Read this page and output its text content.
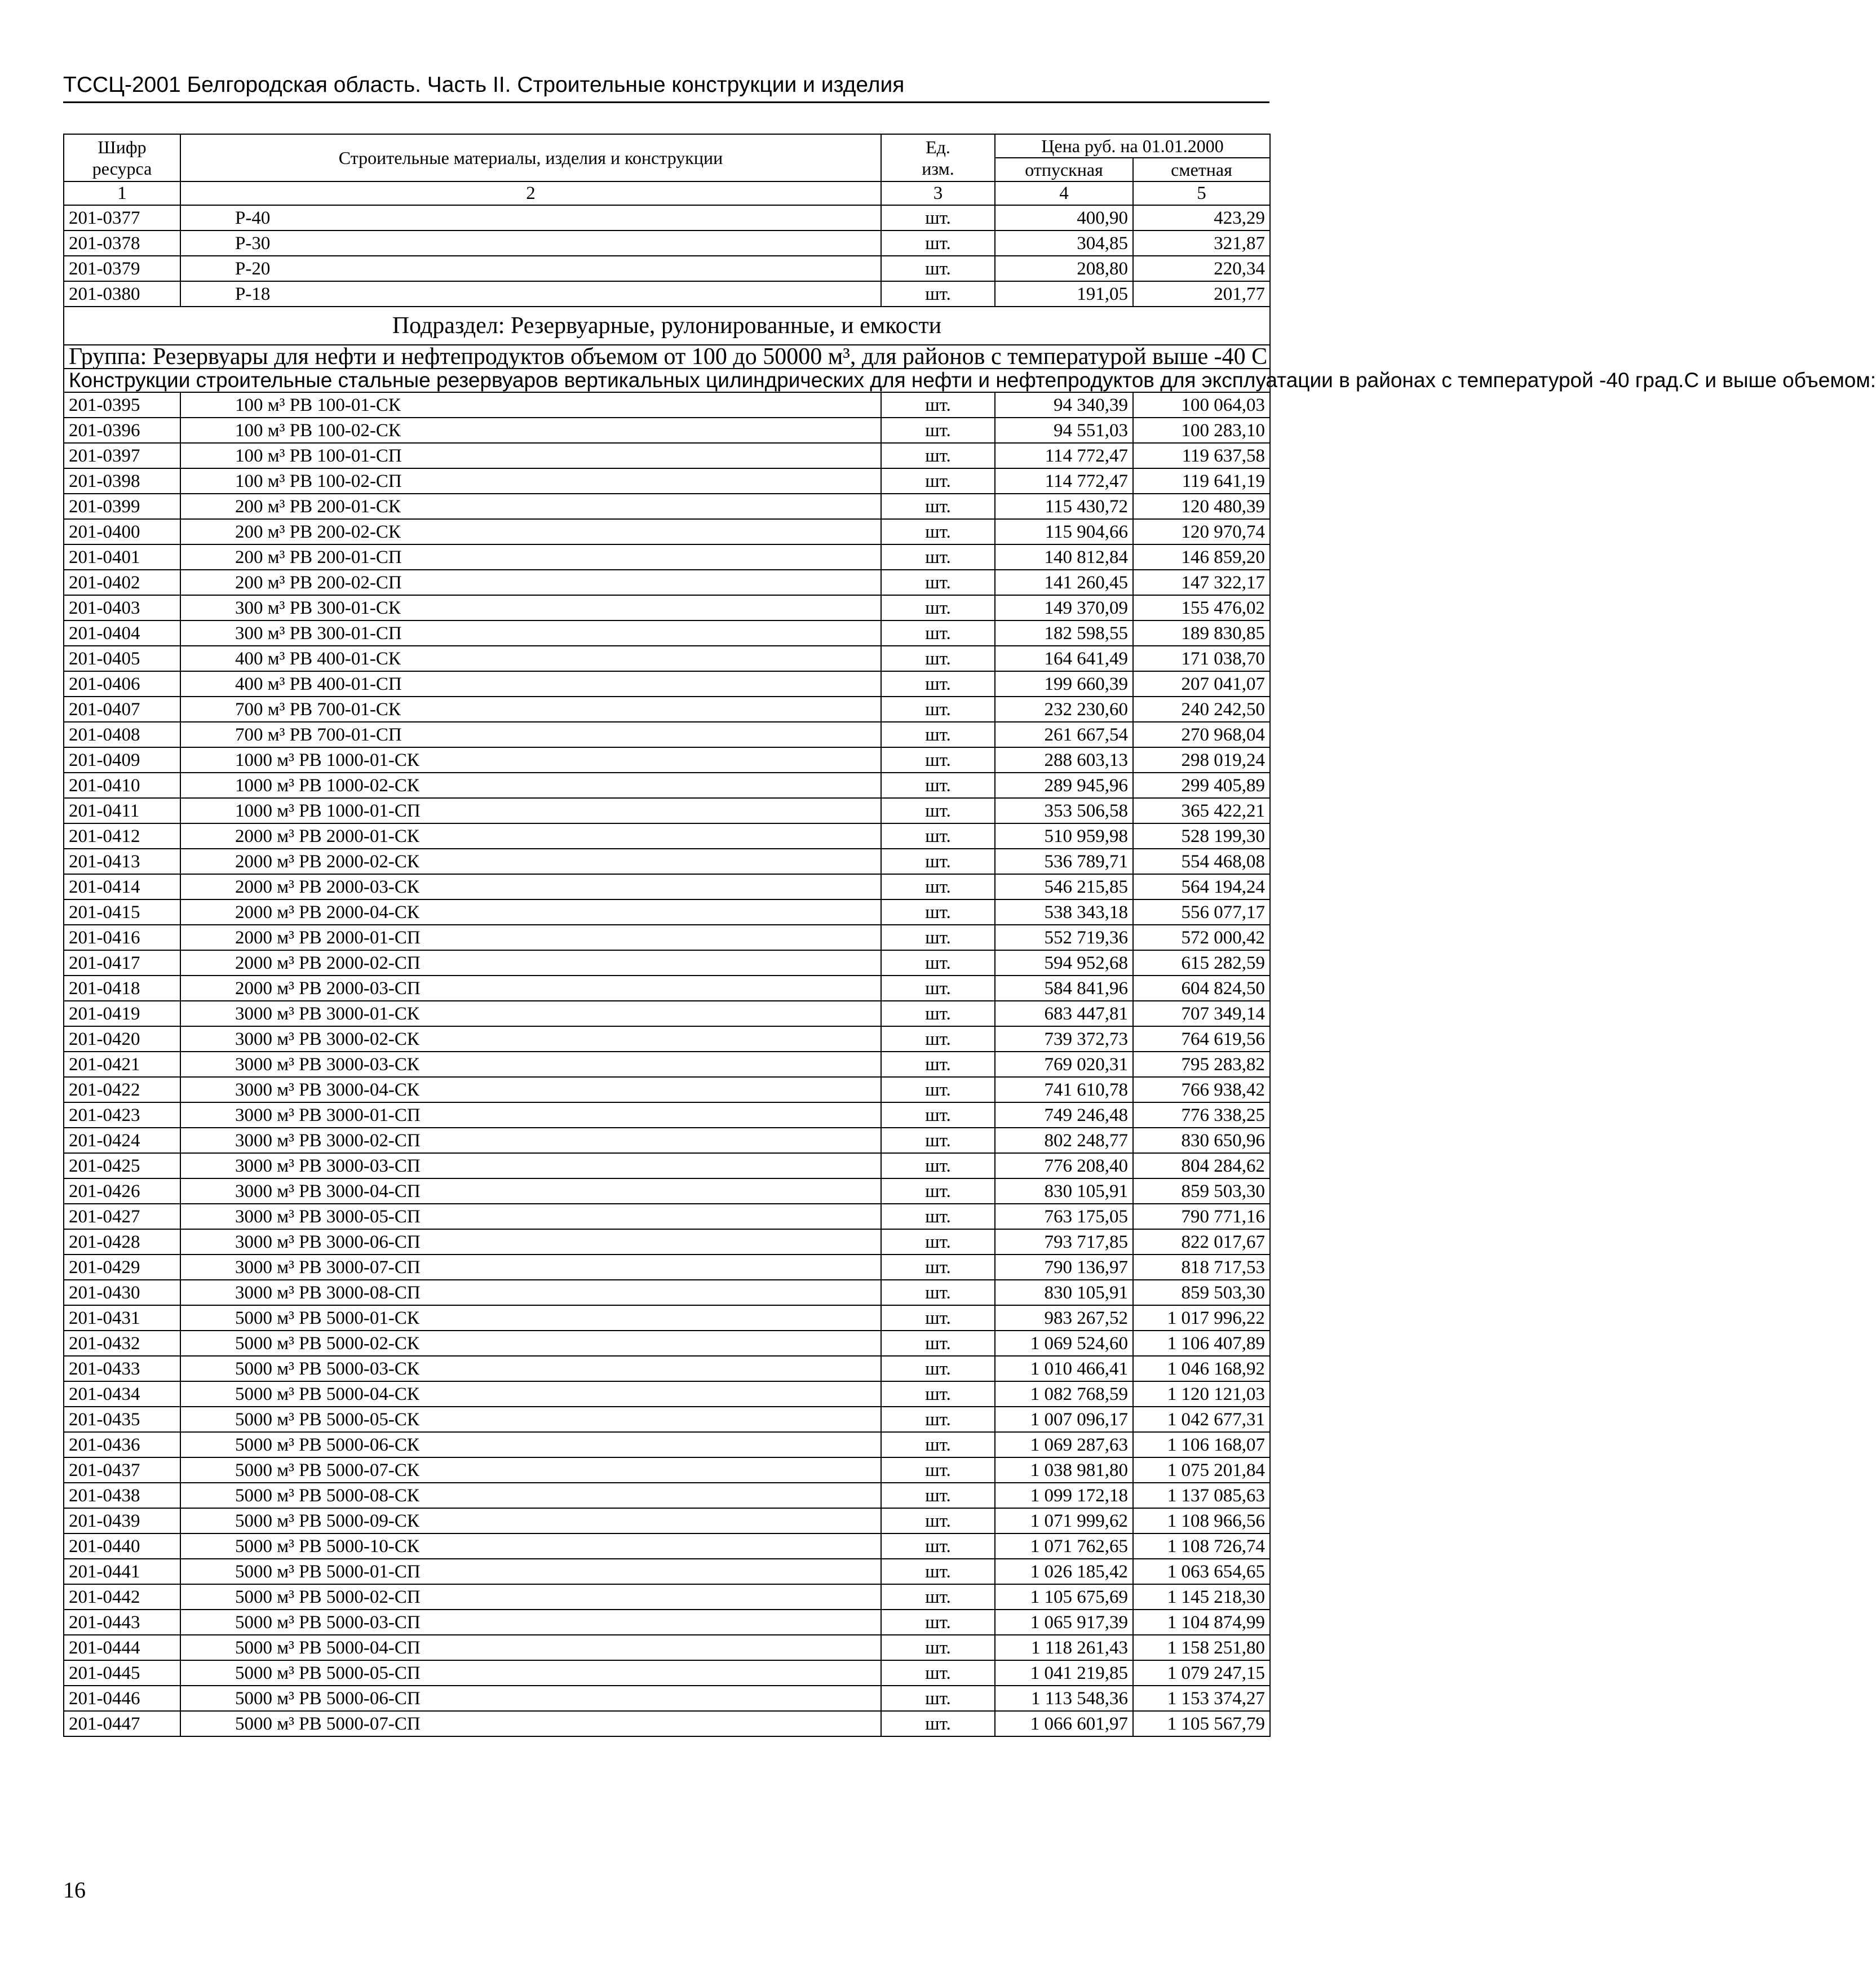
ТССЦ-2001 Белгородская область. Часть II. Строительные конструкции и изделия
Шифр ресурса	Строительные материалы, изделия и конструкции	Ед. изм.	Цена руб. на 01.01.2000	
			отпускная	сметная
1	2	3	4	5
201-0377	Р-40	шт.	400,90	423,29
201-0378	Р-30	шт.	304,85	321,87
201-0379	Р-20	шт.	208,80	220,34
201-0380	Р-18	шт.	191,05	201,77
Подраздел: Резервуарные, рулонированные, и емкости				
Группа: Резервуары для нефти и нефтепродуктов объемом от 100 до 50000 м³, для районов с температурой выше -40 С				
Конструкции строительные стальные резервуаров вертикальных цилиндрических для нефти и нефтепродуктов для эксплуатации в районах с температурой -40 град.С и выше объемом:				
201-0395	100 м³ РВ 100-01-СК	шт.	94 340,39	100 064,03
201-0396	100 м³ РВ 100-02-СК	шт.	94 551,03	100 283,10
201-0397	100 м³ РВ 100-01-СП	шт.	114 772,47	119 637,58
201-0398	100 м³ РВ 100-02-СП	шт.	114 772,47	119 641,19
201-0399	200 м³ РВ 200-01-СК	шт.	115 430,72	120 480,39
201-0400	200 м³ РВ 200-02-СК	шт.	115 904,66	120 970,74
201-0401	200 м³ РВ 200-01-СП	шт.	140 812,84	146 859,20
201-0402	200 м³ РВ 200-02-СП	шт.	141 260,45	147 322,17
201-0403	300 м³ РВ 300-01-СК	шт.	149 370,09	155 476,02
201-0404	300 м³ РВ 300-01-СП	шт.	182 598,55	189 830,85
201-0405	400 м³ РВ 400-01-СК	шт.	164 641,49	171 038,70
201-0406	400 м³ РВ 400-01-СП	шт.	199 660,39	207 041,07
201-0407	700 м³ РВ 700-01-СК	шт.	232 230,60	240 242,50
201-0408	700 м³ РВ 700-01-СП	шт.	261 667,54	270 968,04
201-0409	1000 м³ РВ 1000-01-СК	шт.	288 603,13	298 019,24
201-0410	1000 м³ РВ 1000-02-СК	шт.	289 945,96	299 405,89
201-0411	1000 м³ РВ 1000-01-СП	шт.	353 506,58	365 422,21
201-0412	2000 м³ РВ 2000-01-СК	шт.	510 959,98	528 199,30
201-0413	2000 м³ РВ 2000-02-СК	шт.	536 789,71	554 468,08
201-0414	2000 м³ РВ 2000-03-СК	шт.	546 215,85	564 194,24
201-0415	2000 м³ РВ 2000-04-СК	шт.	538 343,18	556 077,17
201-0416	2000 м³ РВ 2000-01-СП	шт.	552 719,36	572 000,42
201-0417	2000 м³ РВ 2000-02-СП	шт.	594 952,68	615 282,59
201-0418	2000 м³ РВ 2000-03-СП	шт.	584 841,96	604 824,50
201-0419	3000 м³ РВ 3000-01-СК	шт.	683 447,81	707 349,14
201-0420	3000 м³ РВ 3000-02-СК	шт.	739 372,73	764 619,56
201-0421	3000 м³ РВ 3000-03-СК	шт.	769 020,31	795 283,82
201-0422	3000 м³ РВ 3000-04-СК	шт.	741 610,78	766 938,42
201-0423	3000 м³ РВ 3000-01-СП	шт.	749 246,48	776 338,25
201-0424	3000 м³ РВ 3000-02-СП	шт.	802 248,77	830 650,96
201-0425	3000 м³ РВ 3000-03-СП	шт.	776 208,40	804 284,62
201-0426	3000 м³ РВ 3000-04-СП	шт.	830 105,91	859 503,30
201-0427	3000 м³ РВ 3000-05-СП	шт.	763 175,05	790 771,16
201-0428	3000 м³ РВ 3000-06-СП	шт.	793 717,85	822 017,67
201-0429	3000 м³ РВ 3000-07-СП	шт.	790 136,97	818 717,53
201-0430	3000 м³ РВ 3000-08-СП	шт.	830 105,91	859 503,30
201-0431	5000 м³ РВ 5000-01-СК	шт.	983 267,52	1 017 996,22
201-0432	5000 м³ РВ 5000-02-СК	шт.	1 069 524,60	1 106 407,89
201-0433	5000 м³ РВ 5000-03-СК	шт.	1 010 466,41	1 046 168,92
201-0434	5000 м³ РВ 5000-04-СК	шт.	1 082 768,59	1 120 121,03
201-0435	5000 м³ РВ 5000-05-СК	шт.	1 007 096,17	1 042 677,31
201-0436	5000 м³ РВ 5000-06-СК	шт.	1 069 287,63	1 106 168,07
201-0437	5000 м³ РВ 5000-07-СК	шт.	1 038 981,80	1 075 201,84
201-0438	5000 м³ РВ 5000-08-СК	шт.	1 099 172,18	1 137 085,63
201-0439	5000 м³ РВ 5000-09-СК	шт.	1 071 999,62	1 108 966,56
201-0440	5000 м³ РВ 5000-10-СК	шт.	1 071 762,65	1 108 726,74
201-0441	5000 м³ РВ 5000-01-СП	шт.	1 026 185,42	1 063 654,65
201-0442	5000 м³ РВ 5000-02-СП	шт.	1 105 675,69	1 145 218,30
201-0443	5000 м³ РВ 5000-03-СП	шт.	1 065 917,39	1 104 874,99
201-0444	5000 м³ РВ 5000-04-СП	шт.	1 118 261,43	1 158 251,80
201-0445	5000 м³ РВ 5000-05-СП	шт.	1 041 219,85	1 079 247,15
201-0446	5000 м³ РВ 5000-06-СП	шт.	1 113 548,36	1 153 374,27
201-0447	5000 м³ РВ 5000-07-СП	шт.	1 066 601,97	1 105 567,79
16
